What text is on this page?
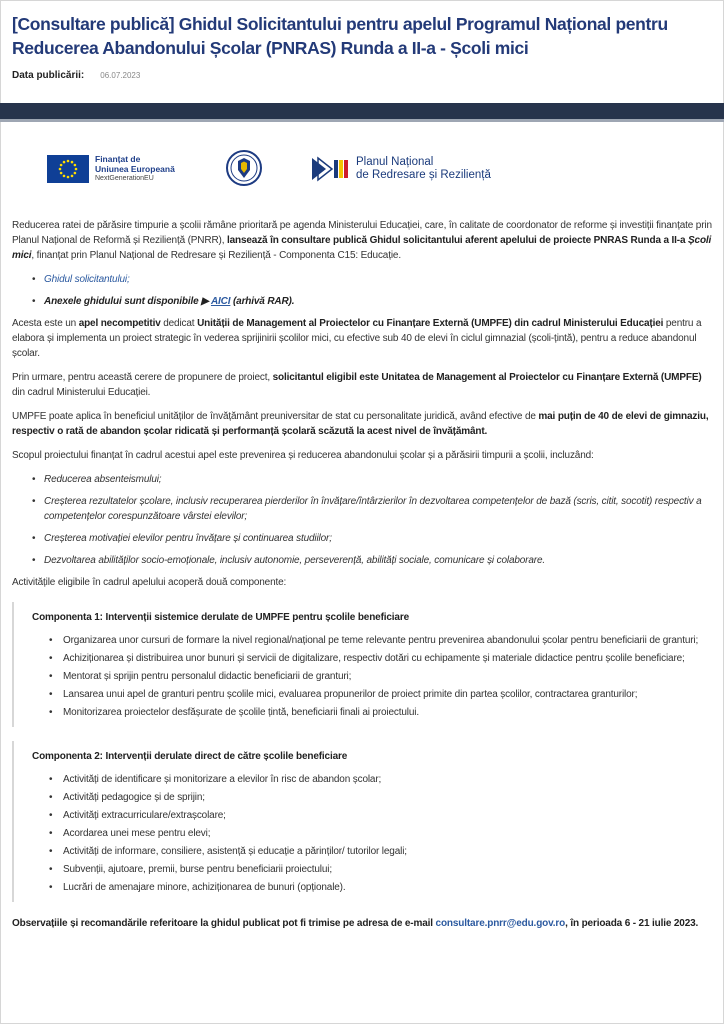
[Consultare publică] Ghidul Solicitantului pentru apelul Programul Național pentru Reducerea Abandonului Școlar (PNRAS) Runda a II-a - Școli mici
Data publicării: 06.07.2023
Finanțat de
Uniunea Europeană
NextGenerationEU
Planul Național
de Redresare și Reziliență

Reducerea ratei de părăsire timpurie a școlii rămâne prioritară pe agenda Ministerului Educației, care, în calitate de coordonator de reforme și investiții finanțate prin Planul Național de Reformă și Reziliență (PNRR), lansează în consultare publică Ghidul solicitantului aferent apelului de proiecte PNRAS Runda a II-a Școli mici, finanțat prin Planul Național de Redresare și Reziliență - Componenta C15: Educație.

• Ghidul solicitantului;
• Anexele ghidului sunt disponibile ▶ AICI (arhivă RAR).

Acesta este un apel necompetitiv dedicat Unității de Management al Proiectelor cu Finanțare Externă (UMPFE) din cadrul Ministerului Educației pentru a elabora și implementa un proiect strategic în vederea sprijinirii școlilor mici, cu efective sub 40 de elevi în ciclul gimnazial (școli-țintă), pentru a reduce abandonul școlar.

Prin urmare, pentru această cerere de propunere de proiect, solicitantul eligibil este Unitatea de Management al Proiectelor cu Finanțare Externă (UMPFE) din cadrul Ministerului Educației.

UMPFE poate aplica în beneficiul unităților de învățământ preuniversitar de stat cu personalitate juridică, având efective de mai puțin de 40 de elevi de gimnaziu, respectiv o rată de abandon școlar ridicată și performanță școlară scăzută la acest nivel de învățământ.

Scopul proiectului finanțat în cadrul acestui apel este prevenirea și reducerea abandonului școlar și a părăsirii timpurii a școlii, incluzând:

• Reducerea absenteismului;
• Creșterea rezultatelor școlare, inclusiv recuperarea pierderilor în învățare/întârzierilor în dezvoltarea competențelor de bază (scris, citit, socotit) respectiv a competențelor corespunzătoare vârstei elevilor;
• Creșterea motivației elevilor pentru învățare și continuarea studiilor;
• Dezvoltarea abilităților socio-emoționale, inclusiv autonomie, perseverență, abilități sociale, comunicare și colaborare.

Activitățile eligibile în cadrul apelului acoperă două componente:

Componenta 1: Intervenții sistemice derulate de UMPFE pentru școlile beneficiare
• Organizarea unor cursuri de formare la nivel regional/național pe teme relevante pentru prevenirea abandonului școlar pentru beneficiarii de granturi;
• Achiziționarea și distribuirea unor bunuri și servicii de digitalizare, respectiv dotări cu echipamente și materiale didactice pentru școlile beneficiare;
• Mentorat și sprijin pentru personalul didactic beneficiarii de granturi;
• Lansarea unui apel de granturi pentru școlile mici, evaluarea propunerilor de proiect primite din partea școlilor, contractarea granturilor;
• Monitorizarea proiectelor desfășurate de școlile țintă, beneficiarii finali ai proiectului.
Componenta 2: Intervenții derulate direct de către școlile beneficiare
• Activități de identificare și monitorizare a elevilor în risc de abandon școlar;
• Activități pedagogice și de sprijin;
• Activități extracurriculare/extrașcolare;
• Acordarea unei mese pentru elevi;
• Activități de informare, consiliere, asistență și educație a părinților/ tutorilor legali;
• Subvenții, ajutoare, premii, burse pentru beneficiarii proiectului;
• Lucrări de amenajare minore, achiziționarea de bunuri (opționale).

Observațiile și recomandările referitoare la ghidul publicat pot fi trimise pe adresa de e-mail consultare.pnrr@edu.gov.ro, în perioada 6 - 21 iulie 2023.
